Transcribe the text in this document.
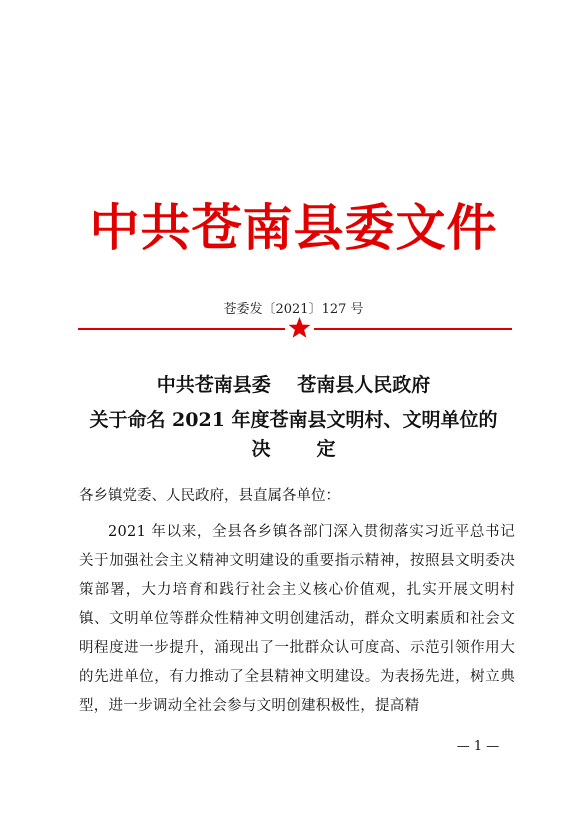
中共苍南县委文件
苍委发〔2021〕127 号
中共苍南县委    苍南县人民政府
关于命名 2021 年度苍南县文明村、文明单位的
决 定
各乡镇党委、人民政府，县直属各单位：
2021 年以来，全县各乡镇各部门深入贯彻落实习近平总书记关于加强社会主义精神文明建设的重要指示精神，按照县文明委决策部署，大力培育和践行社会主义核心价值观，扎实开展文明村镇、文明单位等群众性精神文明创建活动，群众文明素质和社会文明程度进一步提升，涌现出了一批群众认可度高、示范引领作用大的先进单位，有力推动了全县精神文明建设。为表扬先进，树立典型，进一步调动全社会参与文明创建积极性，提高精
— 1 —
